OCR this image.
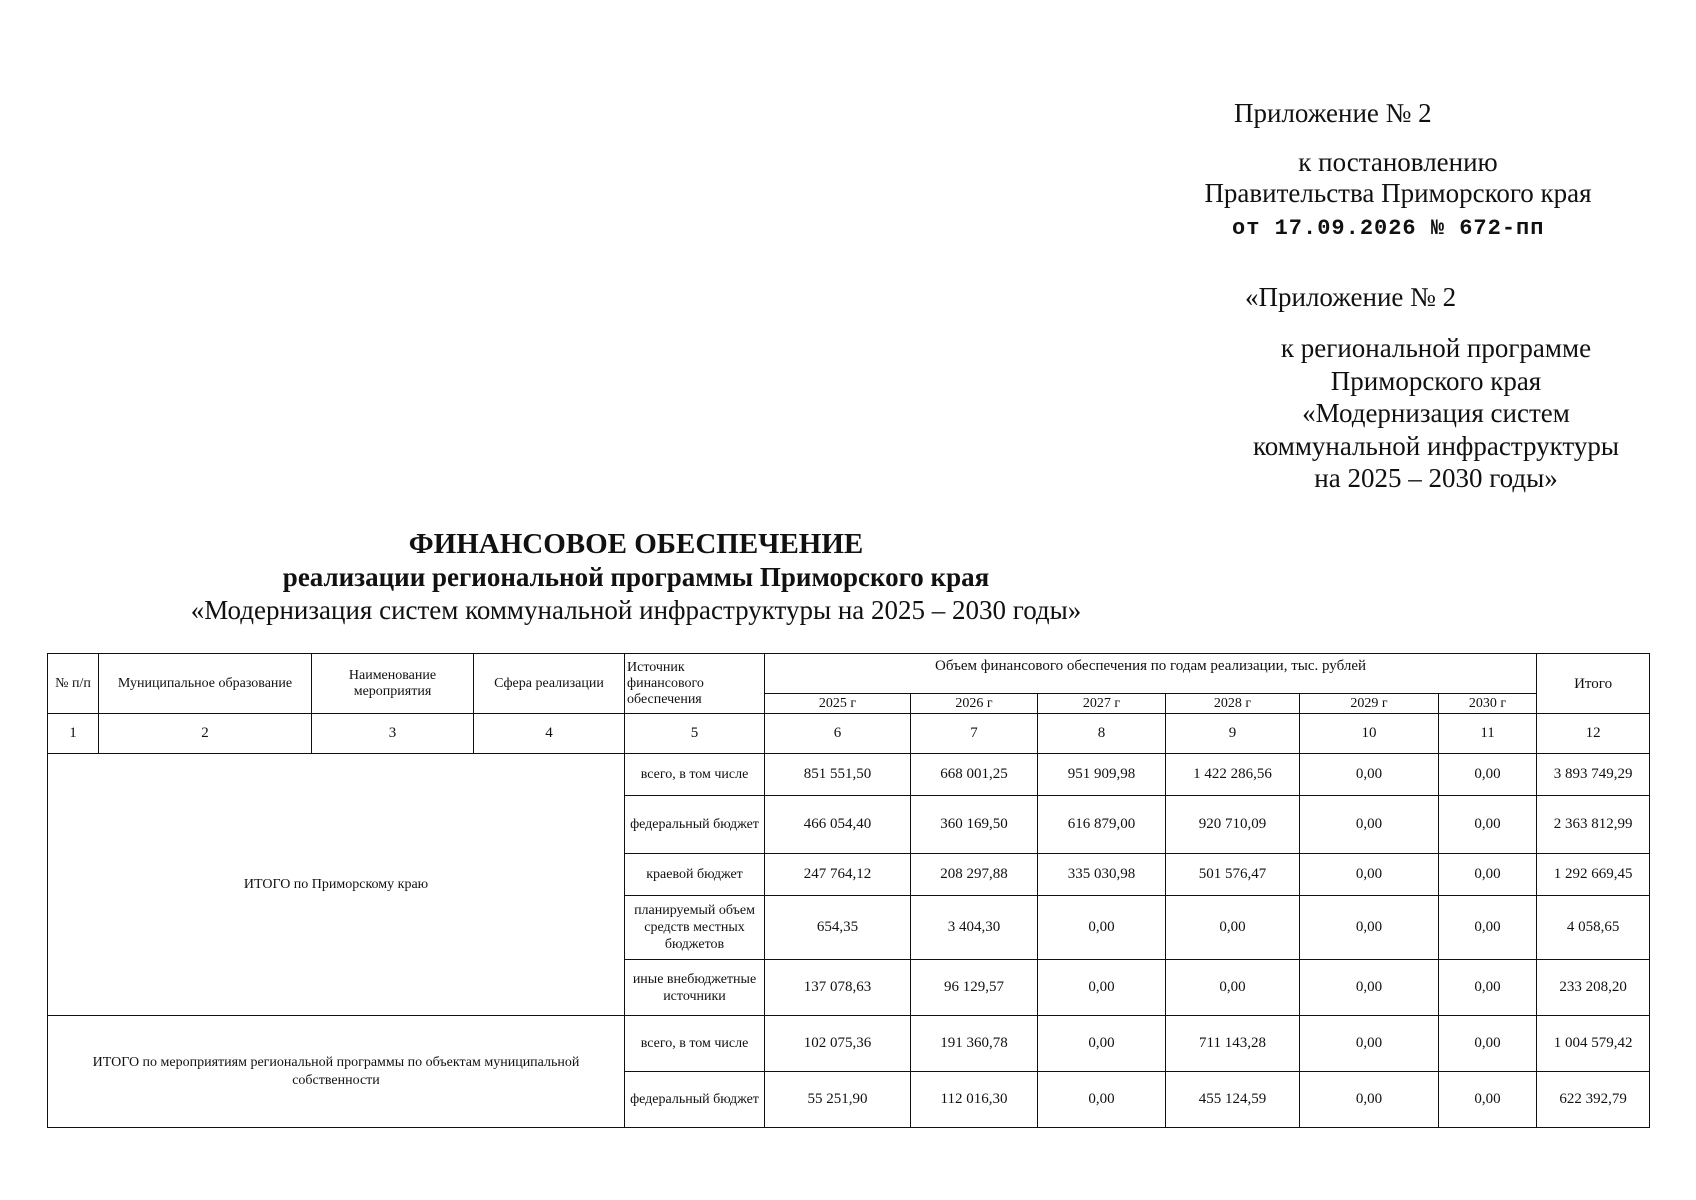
Приложение № 2
к постановлению
Правительства Приморского края
от 17.09.2026 № 672-пп
«Приложение № 2
к региональной программе
Приморского края
«Модернизация систем
коммунальной инфраструктуры
на 2025 – 2030 годы»
ФИНАНСОВОЕ ОБЕСПЕЧЕНИЕ
реализации региональной программы Приморского края
«Модернизация систем коммунальной инфраструктуры на 2025 – 2030 годы»
№ п/п	Муниципальное образование	Наименование мероприятия	Сфера реализации	Источник финансового обеспечения	Объем финансового обеспечения по годам реализации, тыс. рублей						Итого
					2025 г	2026 г	2027 г	2028 г	2029 г	2030 г	
1	2	3	4	5	6	7	8	9	10	11	12
ИТОГО по Приморскому краю				всего, в том числе	851 551,50	668 001,25	951 909,98	1 422 286,56	0,00	0,00	3 893 749,29
				федеральный бюджет	466 054,40	360 169,50	616 879,00	920 710,09	0,00	0,00	2 363 812,99
				краевой бюджет	247 764,12	208 297,88	335 030,98	501 576,47	0,00	0,00	1 292 669,45
				планируемый объем средств местных бюджетов	654,35	3 404,30	0,00	0,00	0,00	0,00	4 058,65
				иные внебюджетные источники	137 078,63	96 129,57	0,00	0,00	0,00	0,00	233 208,20
ИТОГО по мероприятиям региональной программы по объектам муниципальной собственности				всего, в том числе	102 075,36	191 360,78	0,00	711 143,28	0,00	0,00	1 004 579,42
				федеральный бюджет	55 251,90	112 016,30	0,00	455 124,59	0,00	0,00	622 392,79
